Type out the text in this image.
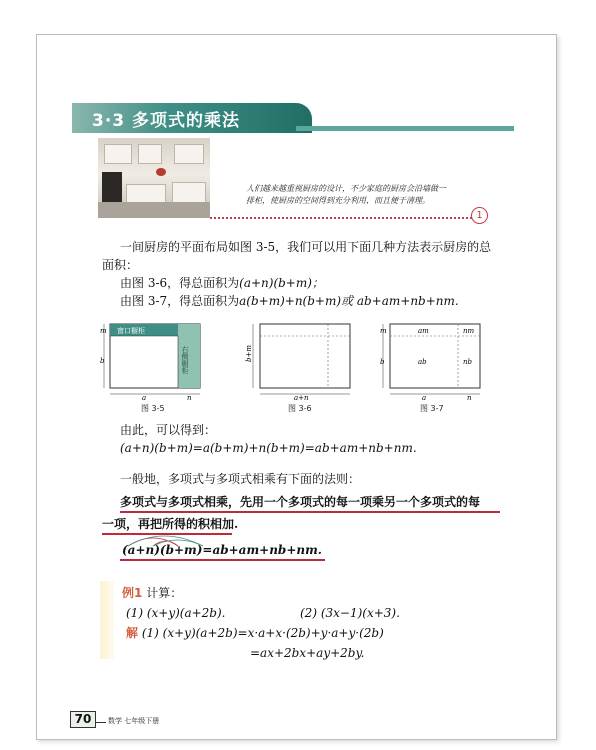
3·3 多项式的乘法
人们越来越重视厨房的设计，不少家庭的厨房会沿墙做一
排柜，使厨房的空间得到充分利用，而且便于清理。
1
一间厨房的平面布局如图 3-5，我们可以用下面几种方法表示厨房的总
面积：
由图 3-6，得总面积为(a+n)(b+m)；
由图 3-7，得总面积为a(b+m)+n(b+m)或 ab+am+nb+nm.
窗口橱柜
右侧橱柜
m
b
a	n
图 3-5
b+m
a+n
图 3-6
m
b
a	n
am	nm
ab	nb
图 3-7
由此，可以得到：
(a+n)(b+m)=a(b+m)+n(b+m)=ab+am+nb+nm.
一般地，多项式与多项式相乘有下面的法则：
多项式与多项式相乘，先用一个多项式的每一项乘另一个多项式的每
一项，再把所得的积相加.
(a+n)(b+m)=ab+am+nb+nm.
例1 计算：
(1) (x+y)(a+2b).	(2) (3x−1)(x+3).
解 (1) (x+y)(a+2b)=x·a+x·(2b)+y·a+y·(2b)
=ax+2bx+ay+2by.
70	数学 七年级下册
